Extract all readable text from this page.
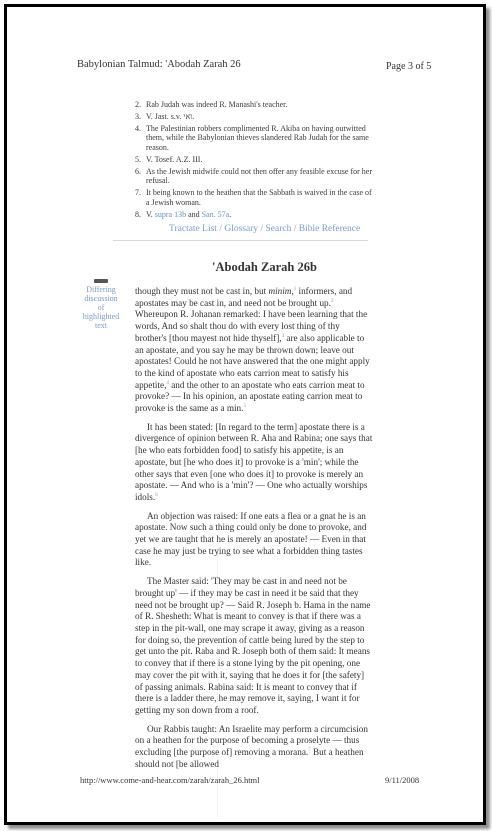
Babylonian Talmud: 'Abodah Zarah 26	Page 3 of 5
2. Rab Judah was indeed R. Manashi's teacher.
3. V. Jast. s.v. ואי.
4. The Palestinian robbers complimented R. Akiba on having outwitted them, while the Babylonian thieves slandered Rab Judah for the same reason.
5. V. Tosef. A.Z. III.
6. As the Jewish midwife could not then offer any feasible excuse for her refusal.
7. It being known to the heathen that the Sabbath is waived in the case of a Jewish woman.
8. V. supra 13b and San. 57a.
Tractate List / Glossary / Search / Bible Reference
'Abodah Zarah 26b
Differing discussion of highlighted text

though they must not be cast in, but minim,$^1$ informers, and apostates may be cast in, and need not be brought up.$^2$ Whereupon R. Johanan remarked: I have been learning that the words, And so shalt thou do with every lost thing of thy brother's [thou mayest not hide thyself],$^3$ are also applicable to an apostate, and you say he may be thrown down; leave out apostates! Could he not have answered that the one might apply to the kind of apostate who eats carrion meat to satisfy his appetite,$^4$ and the other to an apostate who eats carrion meat to provoke? — In his opinion, an apostate eating carrion meat to provoke is the same as a min.$^5$

It has been stated: [In regard to the term] apostate there is a divergence of opinion between R. Aha and Rabina; one says that [he who eats forbidden food] to satisfy his appetite, is an apostate, but [he who does it] to provoke is a 'min'; while the other says that even [one who does it] to provoke is merely an apostate. — And who is a 'min'? — One who actually worships idols.$^6$

An objection was raised: If one eats a flea or a gnat he is an apostate. Now such a thing could only be done to provoke, and yet we are taught that he is merely an apostate! — Even in that case he may just be trying to see what a forbidden thing tastes like.

The Master said: 'They may be cast in and need not be brought up' — if they may be cast in need it be said that they need not be brought up? — Said R. Joseph b. Hama in the name of R. Shesheth: What is meant to convey is that if there was a step in the pit-wall, one may scrape it away, giving as a reason for doing so, the prevention of cattle being lured by the step to get unto the pit. Raba and R. Joseph both of them said: It means to convey that if there is a stone lying by the pit opening, one may cover the pit with it, saying that he does it for [the safety] of passing animals. Rabina said: It is meant to convey that if there is a ladder there, he may remove it, saying, I want it for getting my son down from a roof.

Our Rabbis taught: An Israelite may perform a circumcision on a heathen for the purpose of becoming a proselyte — thus excluding [the purpose of] removing a morana.$^7$ But a heathen should not [be allowed

http://www.come-and-hear.com/zarah/zarah_26.html	9/11/2008
